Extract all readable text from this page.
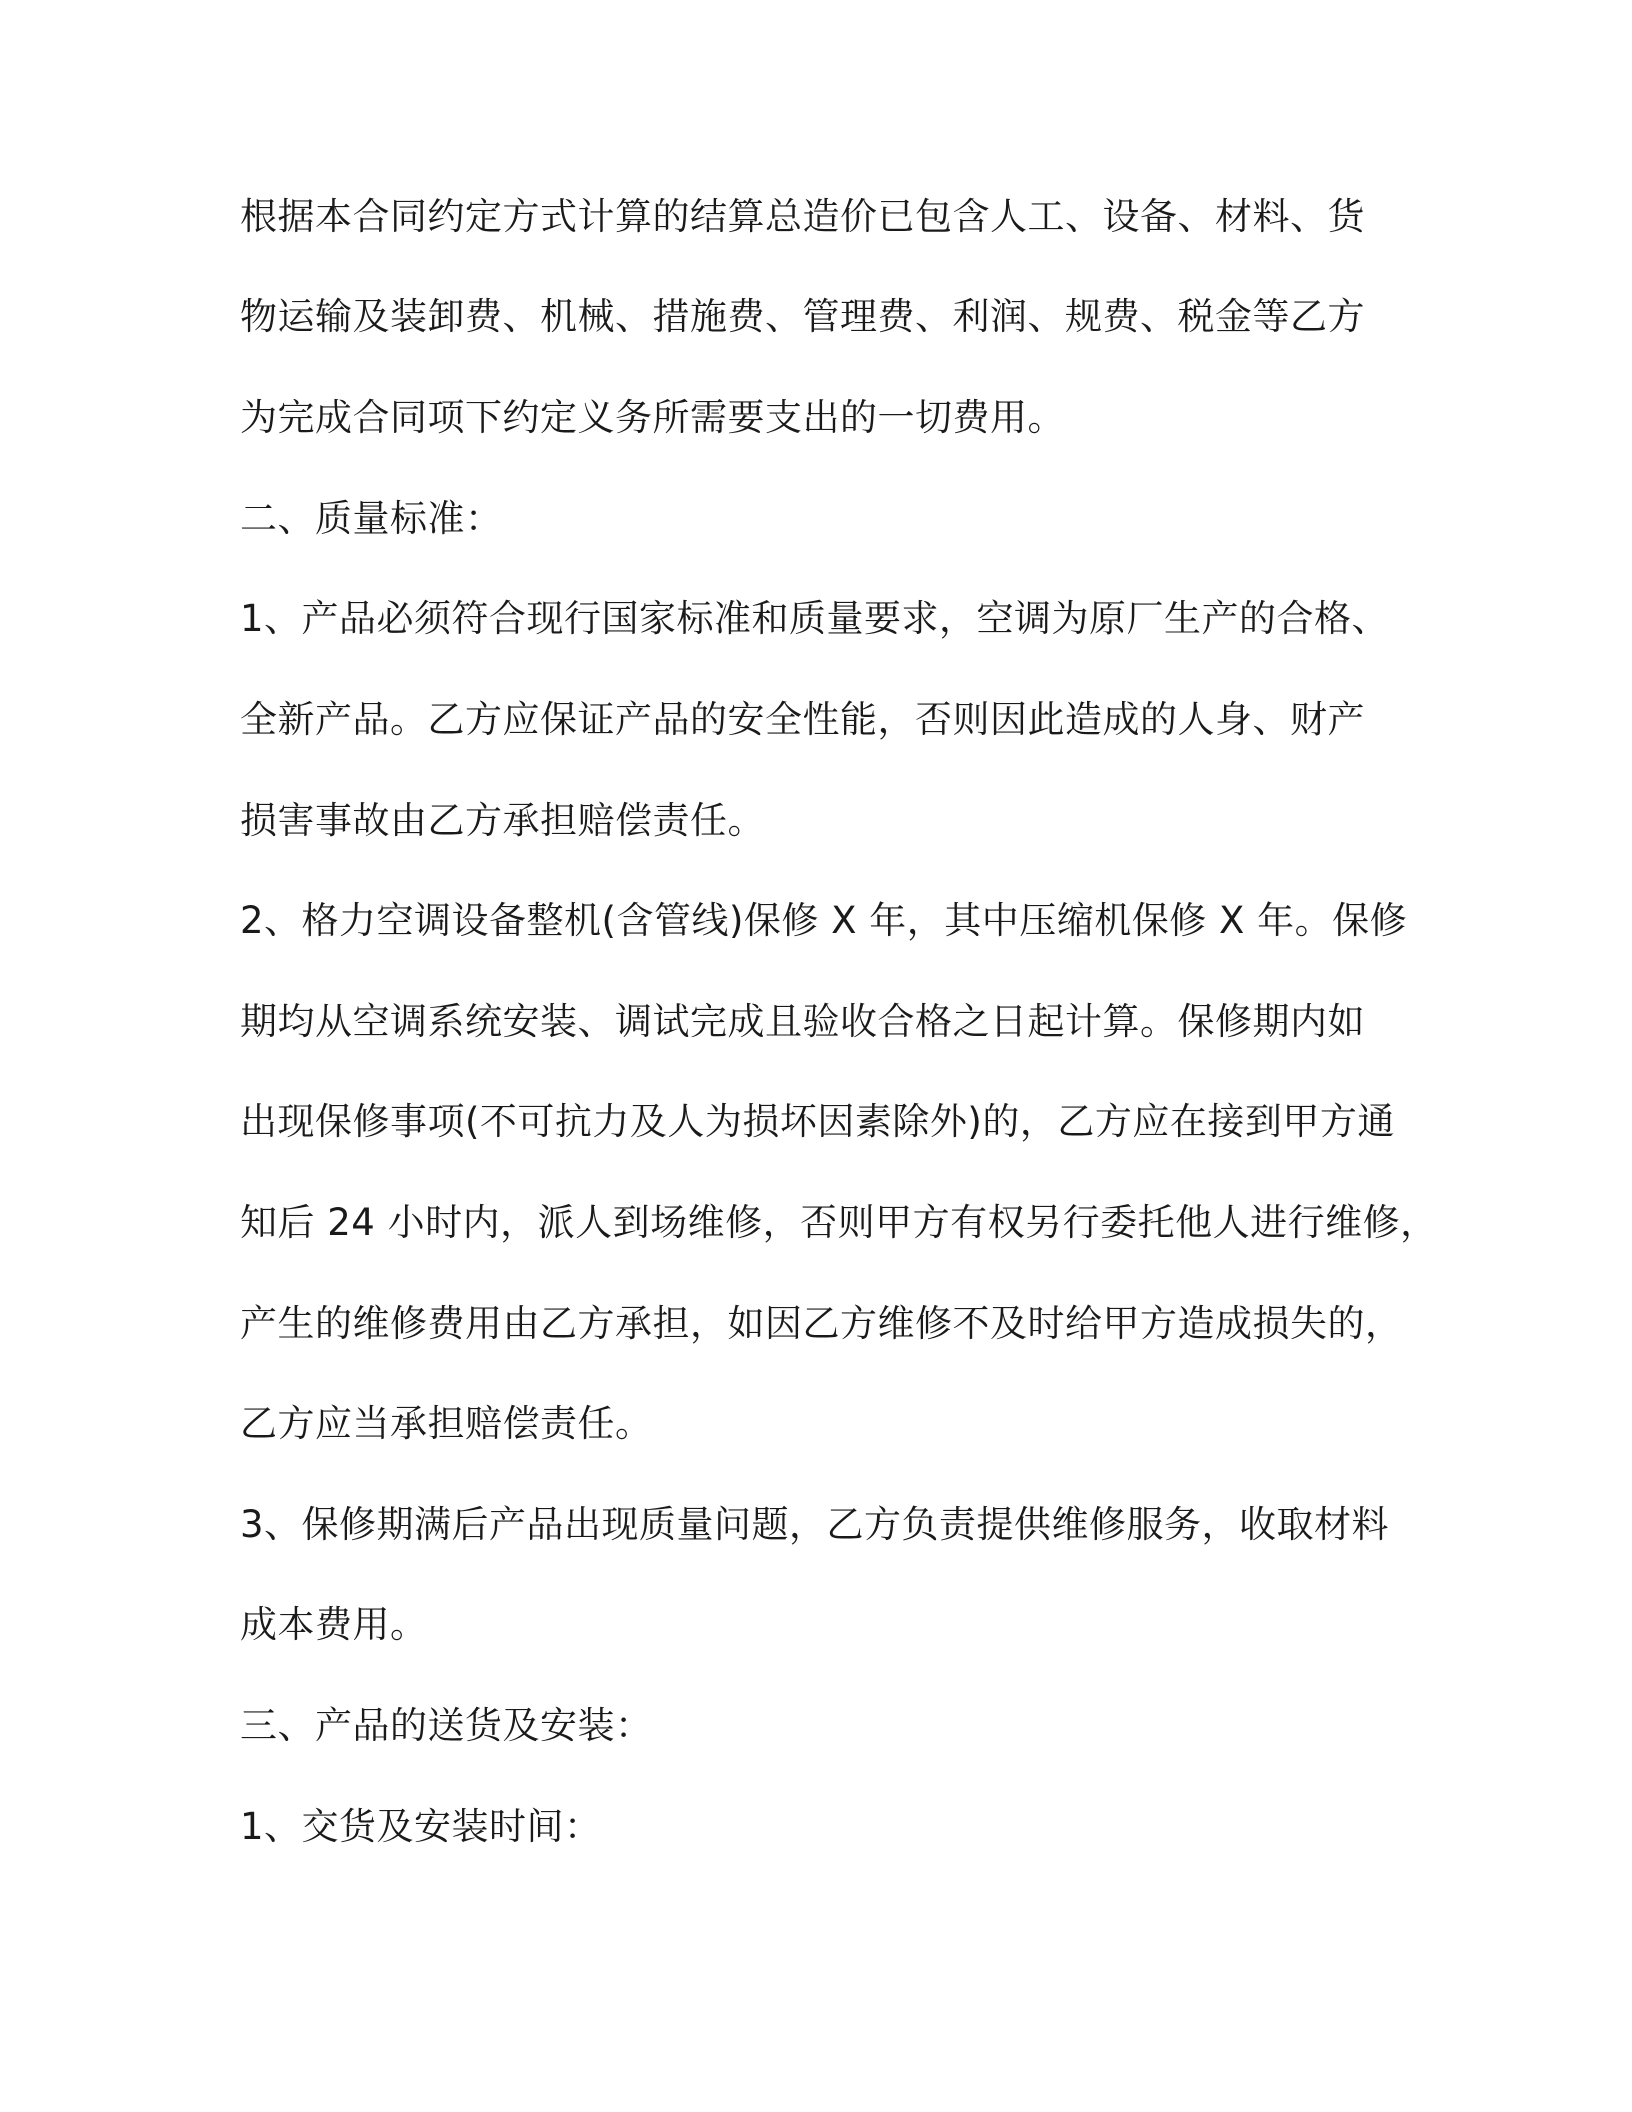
根据本合同约定方式计算的结算总造价已包含人工、设备、材料、货

物运输及装卸费、机械、措施费、管理费、利润、规费、税金等乙方

为完成合同项下约定义务所需要支出的一切费用。

二、质量标准：

1、产品必须符合现行国家标准和质量要求，空调为原厂生产的合格、

全新产品。乙方应保证产品的安全性能，否则因此造成的人身、财产

损害事故由乙方承担赔偿责任。

2、格力空调设备整机(含管线)保修 X 年，其中压缩机保修 X 年。保修

期均从空调系统安装、调试完成且验收合格之日起计算。保修期内如

出现保修事项(不可抗力及人为损坏因素除外)的，乙方应在接到甲方通

知后 24 小时内，派人到场维修，否则甲方有权另行委托他人进行维修，

产生的维修费用由乙方承担，如因乙方维修不及时给甲方造成损失的，

乙方应当承担赔偿责任。

3、保修期满后产品出现质量问题，乙方负责提供维修服务，收取材料

成本费用。

三、产品的送货及安装：

1、交货及安装时间：
